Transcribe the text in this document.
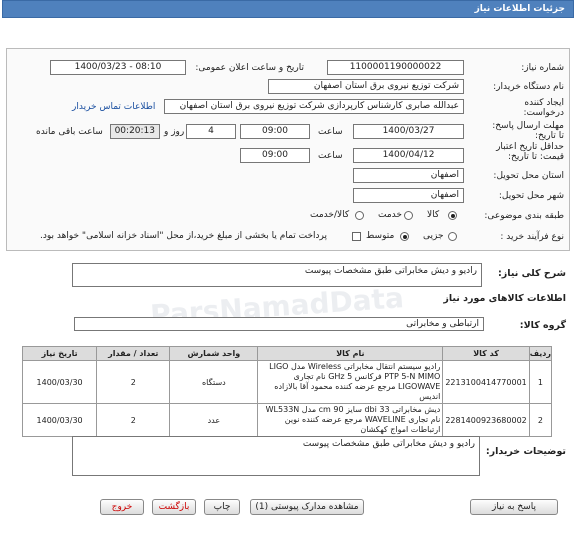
جزئیات اطلاعات نیاز
شماره نیاز:
1100001190000022
تاریخ و ساعت اعلان عمومی:
1400/03/23 - 08:10
نام دستگاه خریدار:
شرکت توزیع نیروی برق استان اصفهان
ایجاد کننده درخواست:
عبدالله صابری کارشناس کارپردازی شرکت توزیع نیروی برق استان اصفهان
اطلاعات تماس خریدار
مهلت ارسال پاسخ: تا تاریخ:
1400/03/27
ساعت
09:00
4
روز و
00:20:13
ساعت باقی مانده
حداقل تاریخ اعتبار قیمت: تا تاریخ:
1400/04/12
ساعت
09:00
استان محل تحویل:
اصفهان
شهر محل تحویل:
اصفهان
طبقه بندی موضوعی:
کالا
خدمت
کالا/خدمت
نوع فرآیند خرید :
جزیی
متوسط
پرداخت تمام یا بخشی از مبلغ خرید،از محل "اسناد خزانه اسلامی" خواهد بود.
شرح کلی نیاز:
رادیو و دیش مخابراتی طبق مشخصات پیوست
ParsNamadData	اطلاعات کالاهای مورد نیاز
گروه کالا:
ارتباطی و مخابراتی
ردیف	کد کالا	نام کالا	واحد شمارش	تعداد / مقدار	تاریخ نیاز
1	2213100414770001	رادیو سیستم انتقال مخابراتی Wireless مدل LIGO PTP 5-N MIMO فرکانس 5 GHz نام تجاری LIGOWAVE مرجع عرضه کننده محمود آقا بالازاده اندیس	دستگاه	2	1400/03/30
2	2281400923680002	دیش مخابراتی 33 dbi سایز 90 cm مدل WL533N نام تجاری WAVELINE مرجع عرضه کننده نوین ارتباطات امواج کهکشان	عدد	2	1400/03/30
توضیحات خریدار:
رادیو و دیش مخابراتی طبق مشخصات پیوست
پاسخ به نیاز
مشاهده مدارک پیوستی (1)
چاپ
بازگشت
خروج
